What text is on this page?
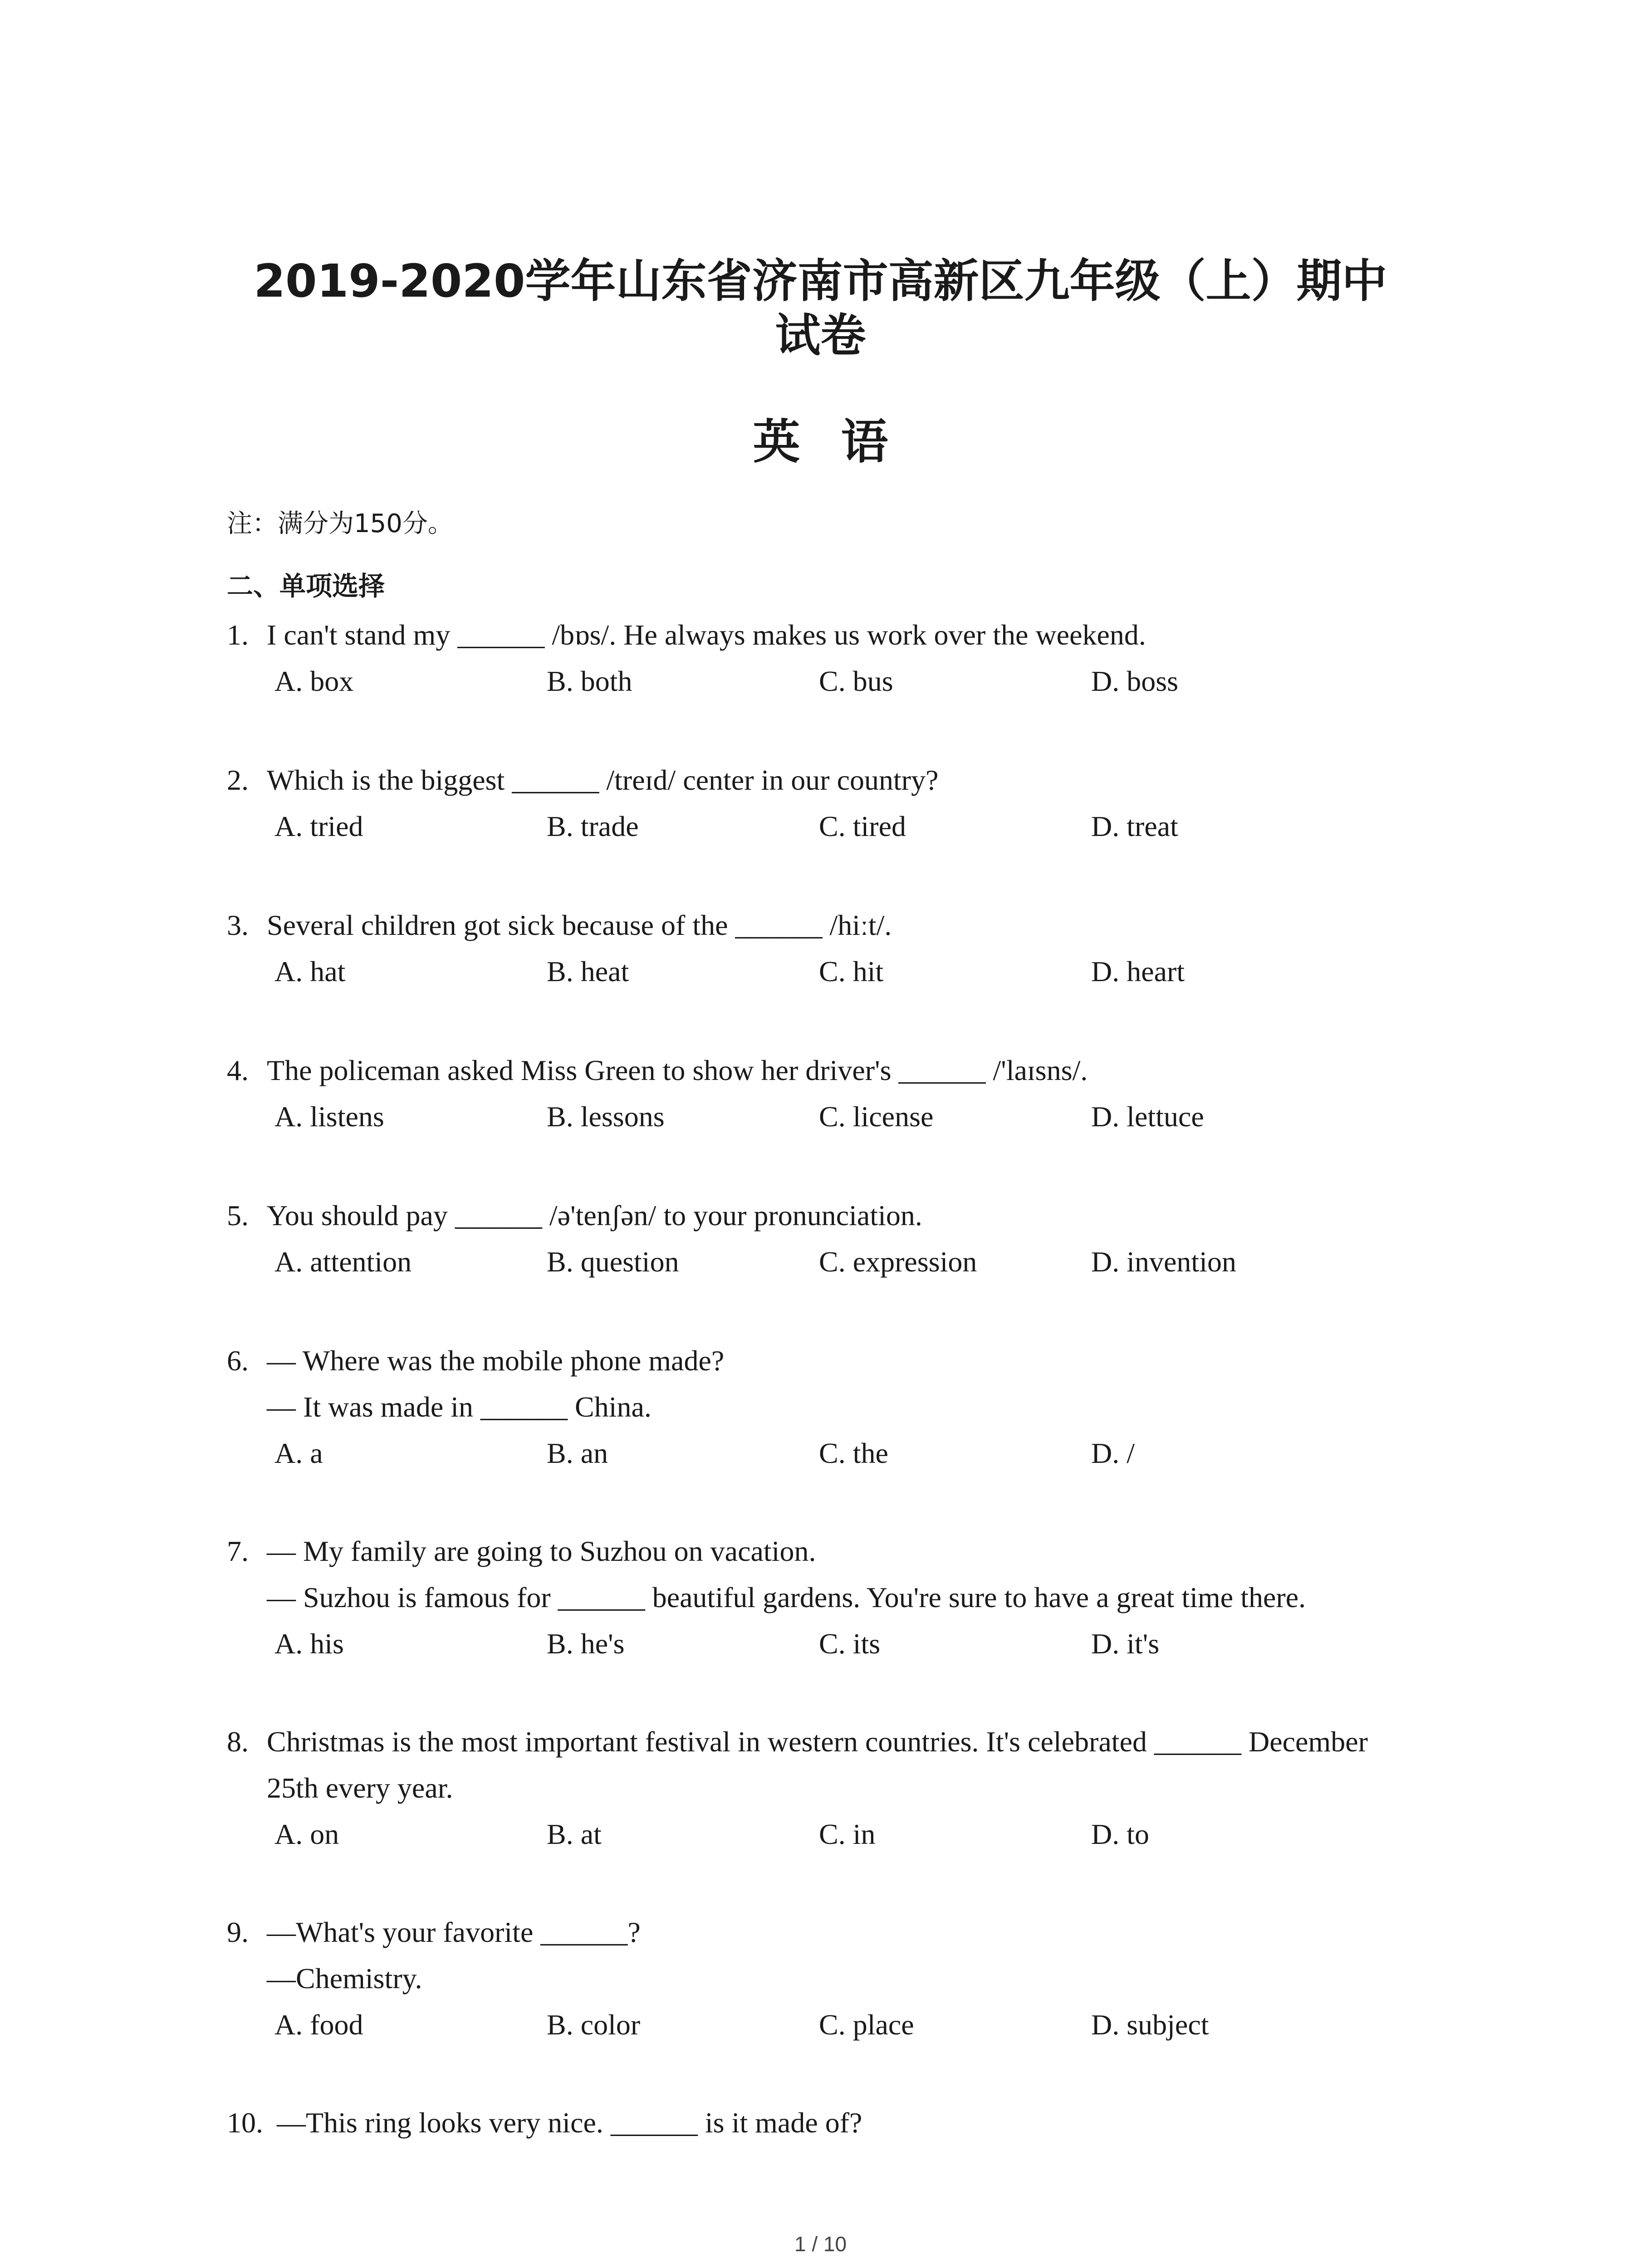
2019-2020学年山东省济南市高新区九年级（上）期中
试卷
英语

注：满分为150分。

二、单项选择

1. I can't stand my ______ /bɒs/. He always makes us work over the weekend.
A. box	B. both	C. bus	D. boss
2. Which is the biggest ______ /treɪd/ center in our country?
A. tried	B. trade	C. tired	D. treat
3. Several children got sick because of the ______ /hiːt/.
A. hat	B. heat	C. hit	D. heart
4. The policeman asked Miss Green to show her driver's ______ /'laɪsns/.
A. listens	B. lessons	C. license	D. lettuce
5. You should pay ______ /ə'tenʃən/ to your pronunciation.
A. attention	B. question	C. expression	D. invention
6. — Where was the mobile phone made?
— It was made in ______ China.
A. a	B. an	C. the	D. /
7. — My family are going to Suzhou on vacation.
— Suzhou is famous for ______ beautiful gardens. You're sure to have a great time there.
A. his	B. he's	C. its	D. it's
8. Christmas is the most important festival in western countries. It's celebrated ______ December
25th every year.
A. on	B. at	C. in	D. to
9. —What's your favorite ______?
—Chemistry.
A. food	B. color	C. place	D. subject
10. —This ring looks very nice. ______ is it made of?

1 / 10
